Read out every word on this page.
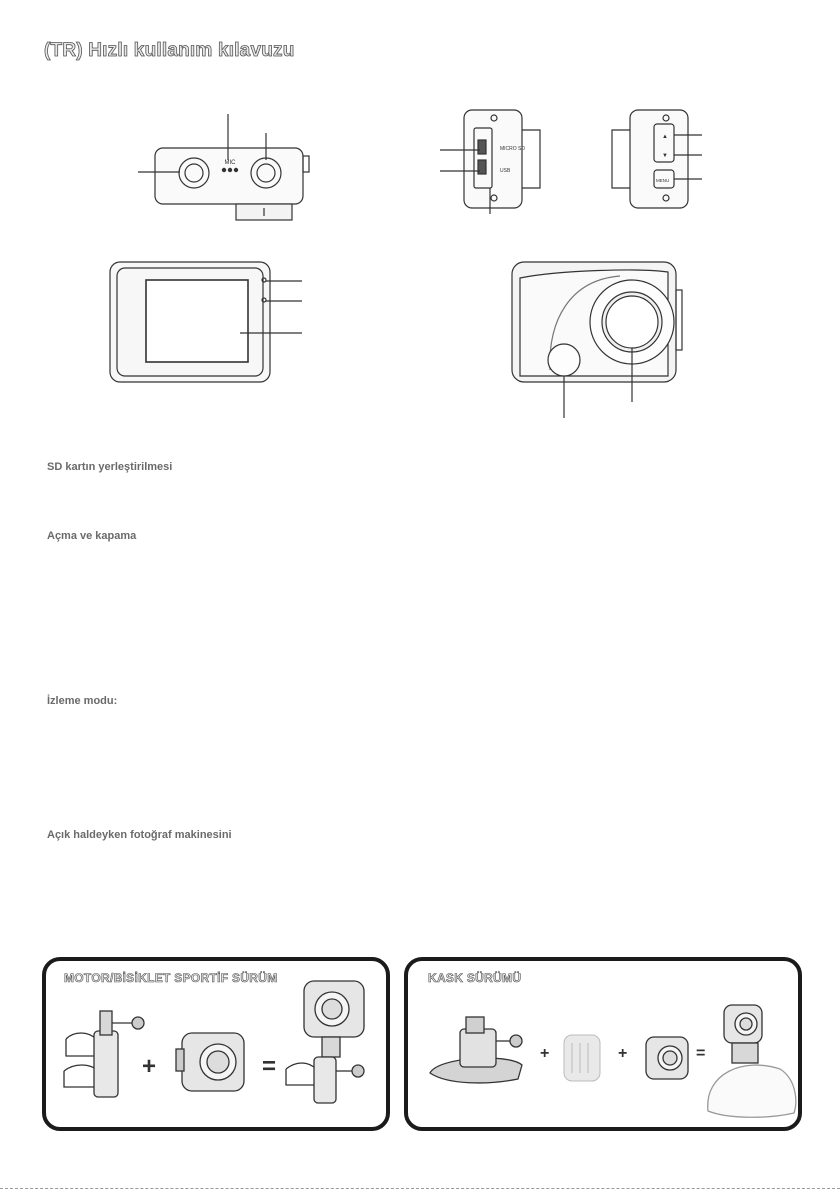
(TR) Hızlı kullanım kılavuzu
MIC
MICRO SD
USB
▲
▼
MENU
SD kartın yerleştirilmesi
Açma ve kapama
İzleme modu:
Açık haldeyken fotoğraf makinesini
MOTOR/BİSİKLET SPORTİF SÜRÜM
+	=
KASK SÜRÜMÜ
+	+	=
